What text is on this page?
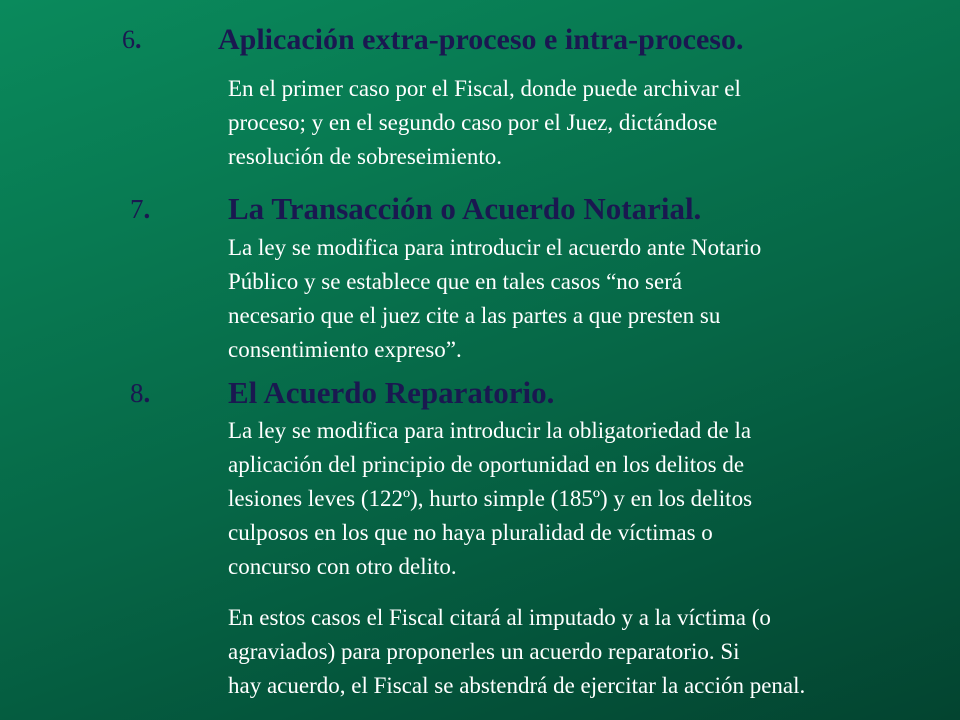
6.	Aplicación extra-proceso e intra-proceso.

En el primer caso por el Fiscal, donde puede archivar el
proceso; y en el segundo caso por el Juez, dictándose
resolución de sobreseimiento.

7.	La Transacción o Acuerdo Notarial.

La ley se modifica para introducir el acuerdo ante Notario
Público y se establece que en tales casos “no será
necesario que el juez cite a las partes a que presten su
consentimiento expreso”.

8.	El Acuerdo Reparatorio.

La ley se modifica para introducir la obligatoriedad de la
aplicación del principio de oportunidad en los delitos de
lesiones leves (122º), hurto simple (185º) y en los delitos
culposos en los que no haya pluralidad de víctimas o
concurso con otro delito.

En estos casos el Fiscal citará al imputado y a la víctima (o
agraviados) para proponerles un acuerdo reparatorio. Si
hay acuerdo, el Fiscal se abstendrá de ejercitar la acción penal.
